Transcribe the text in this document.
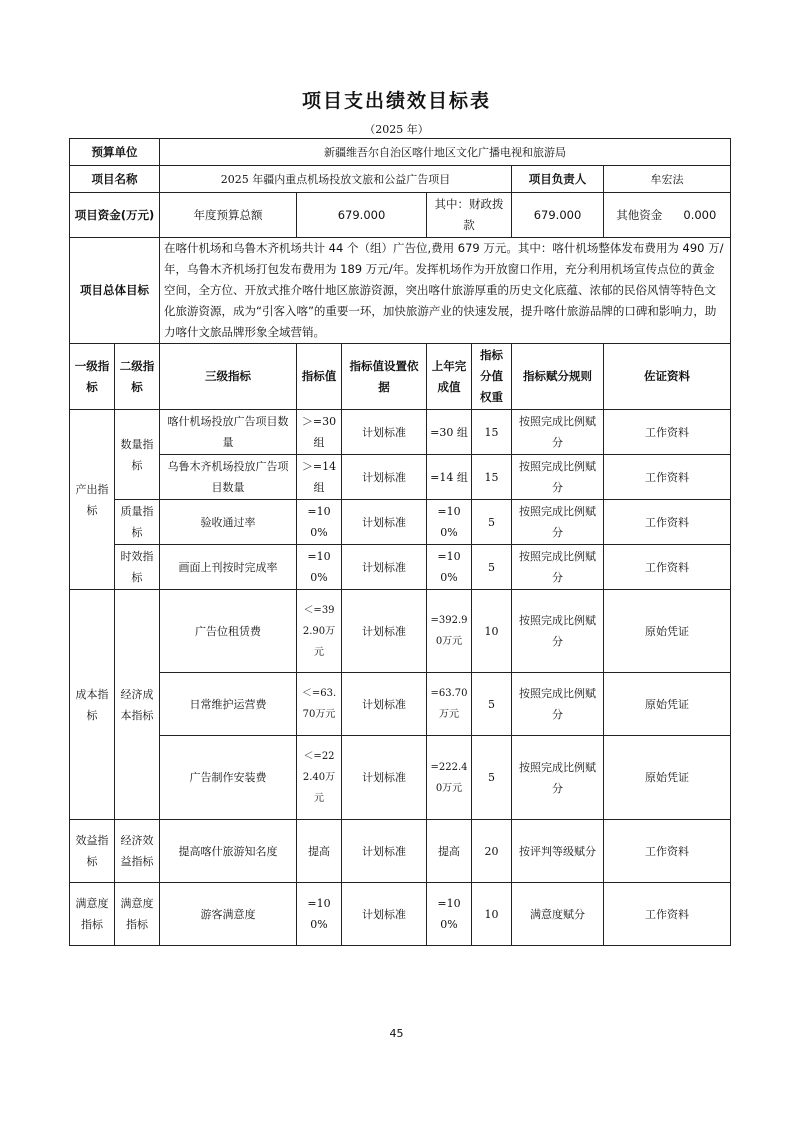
项目支出绩效目标表
（2025 年）
预算单位		新疆维吾尔自治区喀什地区文化广播电视和旅游局						
项目名称		2025 年疆内重点机场投放文旅和公益广告项目					项目负责人	牟宏法
项目资金(万元)		年度预算总额	679.000		其中：财政拨款		679.000	其他资金 0.000
项目总体目标		在喀什机场和乌鲁木齐机场共计 44 个（组）广告位,费用 679 万元。其中：喀什机场整体发布费用为 490 万/年，乌鲁木齐机场打包发布费用为 189 万元/年。发挥机场作为开放窗口作用，充分利用机场宣传点位的黄金空间，全方位、开放式推介喀什地区旅游资源，突出喀什旅游厚重的历史文化底蕴、浓郁的民俗风情等特色文化旅游资源，成为“引客入喀”的重要一环，加快旅游产业的快速发展，提升喀什旅游品牌的口碑和影响力，助力喀什文旅品牌形象全域营销。						
一级指标	二级指标	三级指标	指标值	指标值设置依据	上年完成值	指标分值权重	指标赋分规则	佐证资料
产出指标	数量指标	喀什机场投放广告项目数量	＞=30组	计划标准	=30 组	15	按照完成比例赋分	工作资料
		乌鲁木齐机场投放广告项目数量	＞=14组	计划标准	=14 组	15	按照完成比例赋分	工作资料
	质量指标	验收通过率	=100%	计划标准	=100%	5	按照完成比例赋分	工作资料
	时效指标	画面上刊按时完成率	=100%	计划标准	=100%	5	按照完成比例赋分	工作资料
成本指标	经济成本指标	广告位租赁费	＜=392.90万元	计划标准	=392.90万元	10	按照完成比例赋分	原始凭证
		日常维护运营费	＜=63.70万元	计划标准	=63.70万元	5	按照完成比例赋分	原始凭证
		广告制作安装费	＜=222.40万元	计划标准	=222.40万元	5	按照完成比例赋分	原始凭证
效益指标	经济效益指标	提高喀什旅游知名度	提高	计划标准	提高	20	按评判等级赋分	工作资料
满意度指标	满意度指标	游客满意度	=100%	计划标准	=100%	10	满意度赋分	工作资料
45
